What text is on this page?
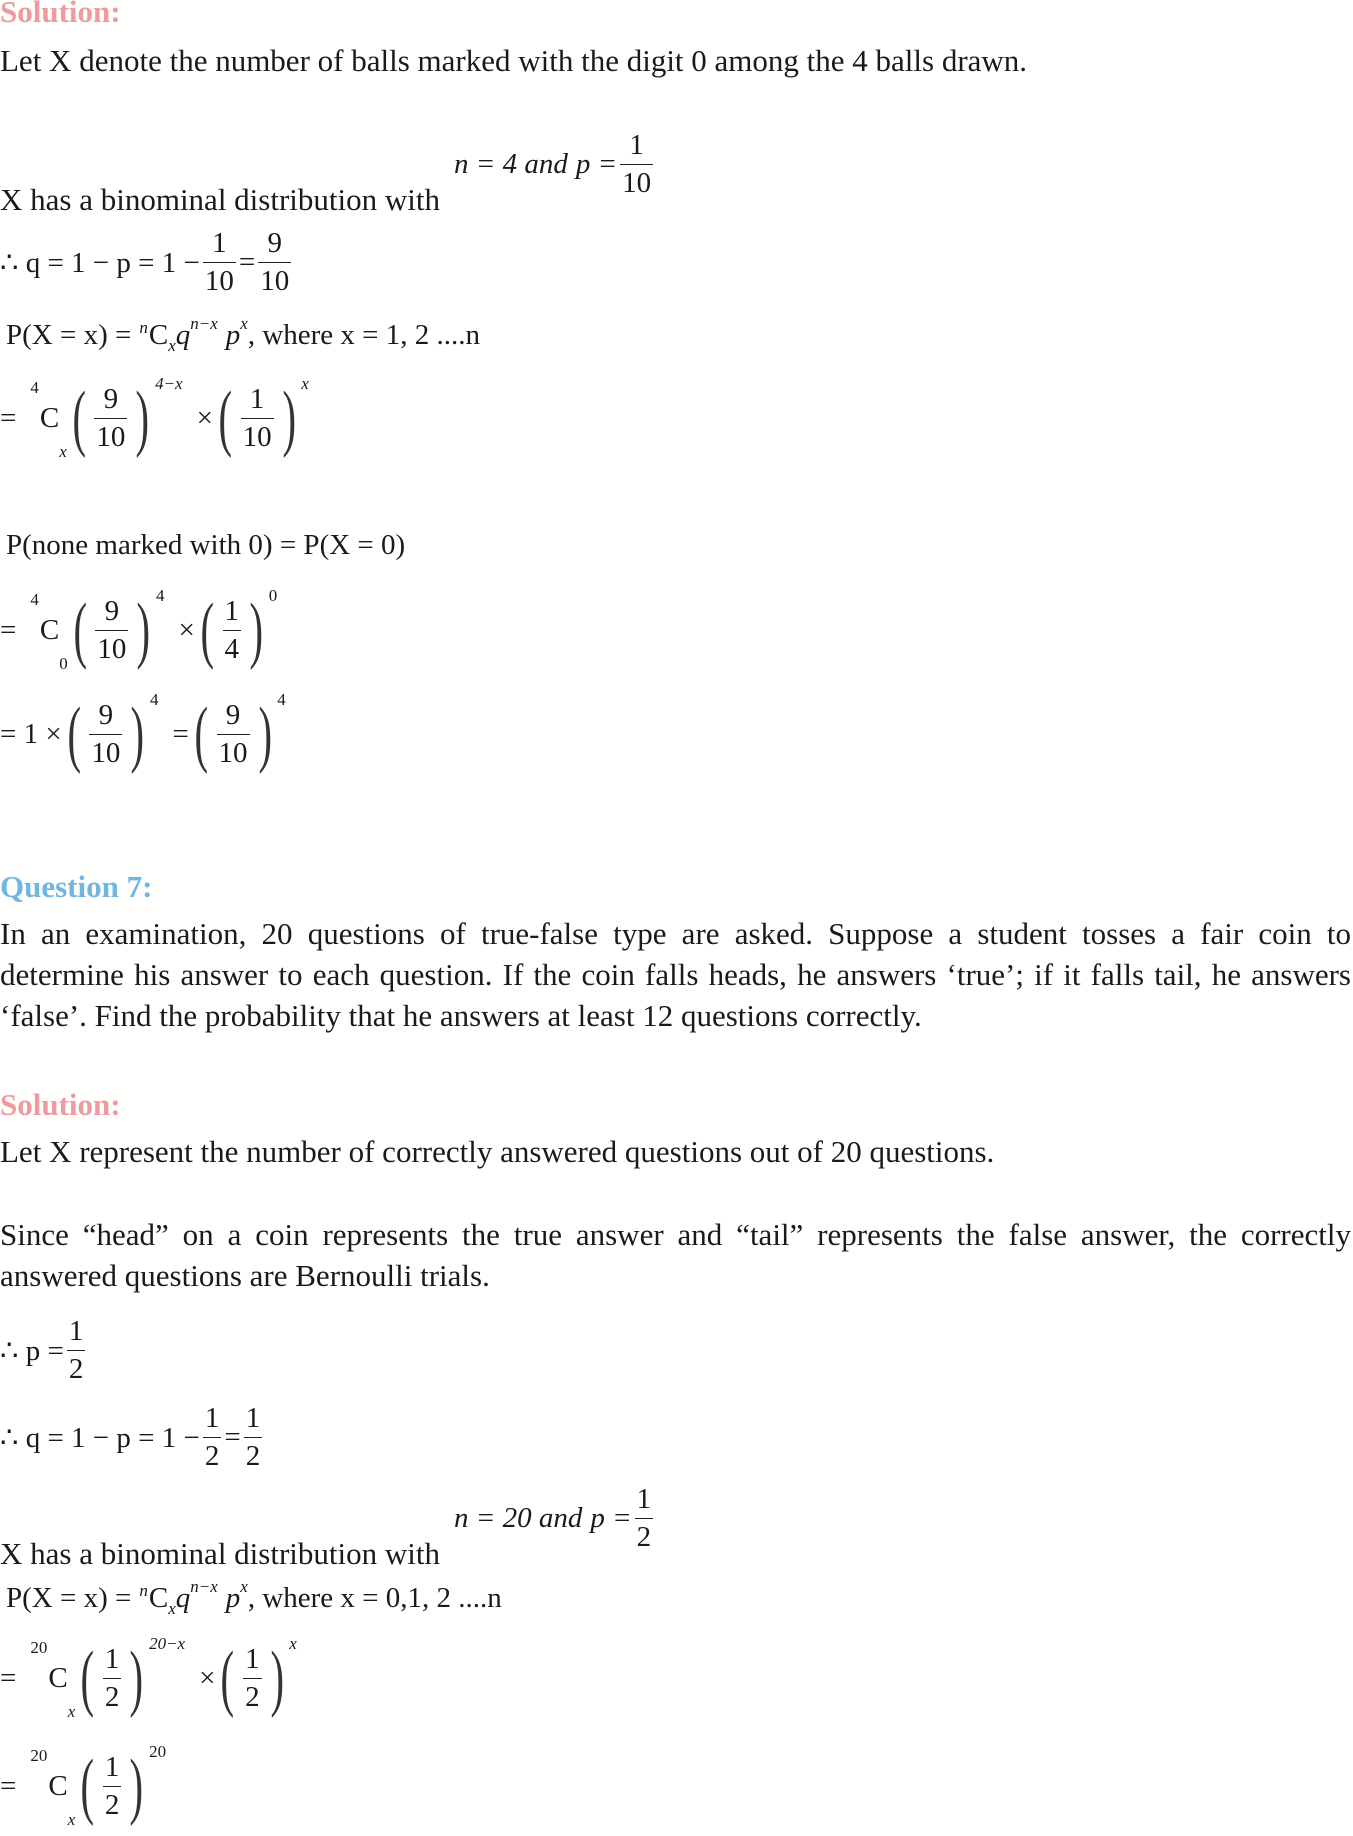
Solution:
Let X denote the number of balls marked with the digit 0 among the 4 balls drawn.
X has a binominal distribution with
n = 4 and $p = \frac{1}{10}$
∴ $q = 1 - p = 1 - \frac{1}{10} = \frac{9}{10}$
P(X = x) = n C x q n−x p x , where x = 1, 2 ....n
=
4
C
x ( $\frac{9}{10}$ ) 4−x
× ( $\frac{1}{10}$ ) x
P(none marked with 0) = P(X = 0)
=
4
C
0 ( $\frac{9}{10}$ ) 4
× ( $\frac{1}{4}$ ) 0
= 1 × ( $\frac{9}{10}$ ) 4
= ( $\frac{9}{10}$ ) 4
Question 7:
In an examination, 20 questions of true-false type are asked. Suppose a student tosses a fair coin to determine his answer to each question. If the coin falls heads, he answers ‘true’; if it falls tail, he answers ‘false’. Find the probability that he answers at least 12 questions correctly.
Solution:
Let X represent the number of correctly answered questions out of 20 questions.
Since “head” on a coin represents the true answer and “tail” represents the false answer, the correctly answered questions are Bernoulli trials.
∴ $p = \frac{1}{2}$
∴ $q = 1 - p = 1 - \frac{1}{2} = \frac{1}{2}$
X has a binominal distribution with
n = 20 and $p = \frac{1}{2}$
P(X = x) = n C x q n−x p x , where x = 0,1, 2 ....n
=
20
C
x ( $\frac{1}{2}$ ) 20−x
× ( $\frac{1}{2}$ ) x
=
20
C
x ( $\frac{1}{2}$ ) 20
